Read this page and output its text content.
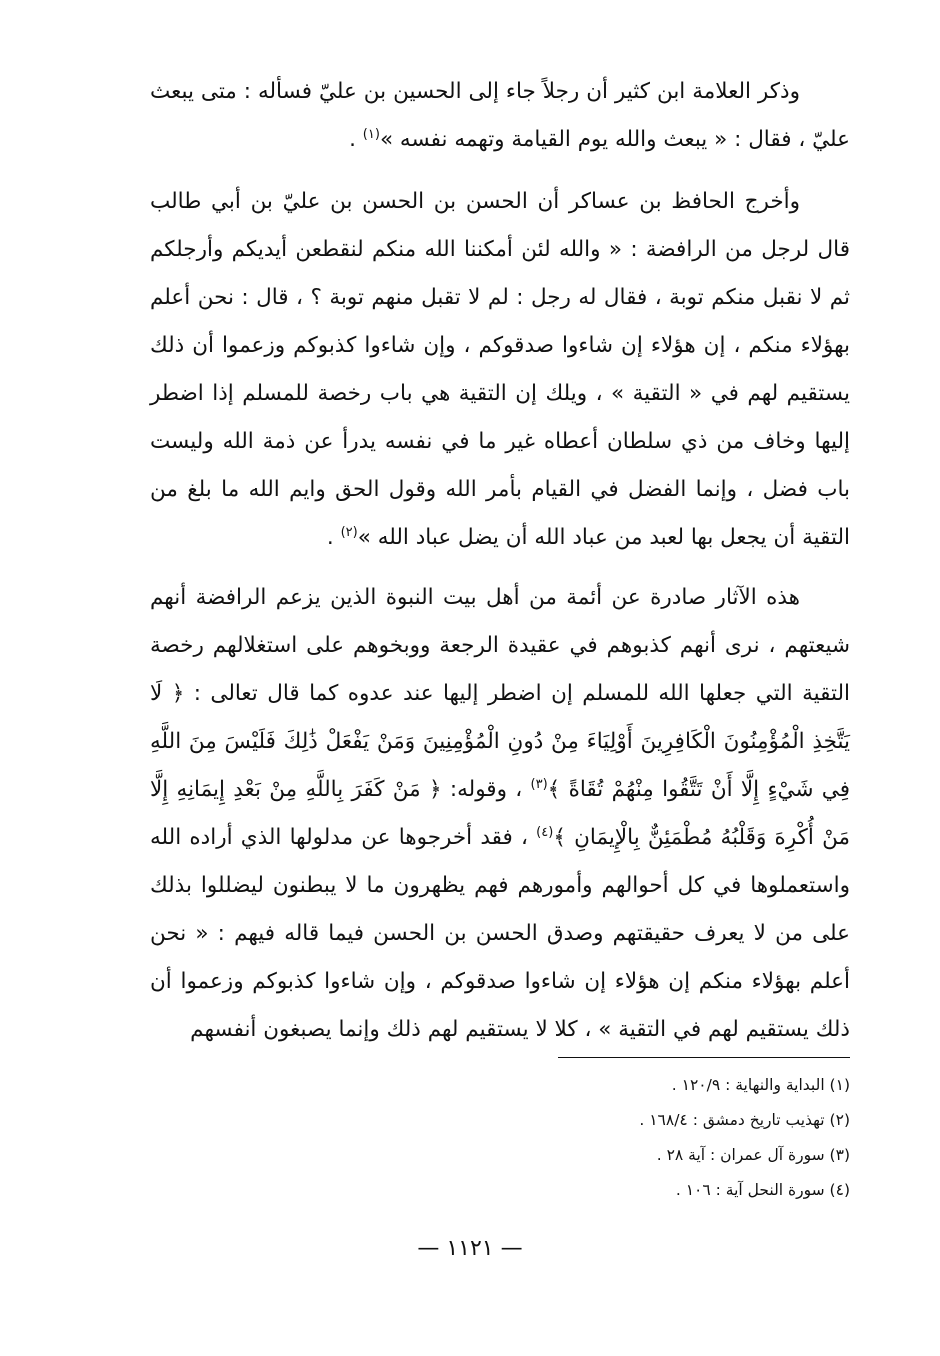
وذكر العلامة ابن كثير أن رجلاً جاء إلى الحسين بن عليّ فسأله : متى يبعث عليّ ، فقال : « يبعث والله يوم القيامة وتهمه نفسه »$^{(١)}$ .

وأخرج الحافظ بن عساكر أن الحسن بن الحسن بن عليّ بن أبي طالب قال لرجل من الرافضة : « والله لئن أمكننا الله منكم لنقطعن أيديكم وأرجلكم ثم لا نقبل منكم توبة ، فقال له رجل : لم لا تقبل منهم توبة ؟ ، قال : نحن أعلم بهؤلاء منكم ، إن هؤلاء إن شاءوا صدقوكم ، وإن شاءوا كذبوكم وزعموا أن ذلك يستقيم لهم في « التقية » ، ويلك إن التقية هي باب رخصة للمسلم إذا اضطر إليها وخاف من ذي سلطان أعطاه غير ما في نفسه يدرأ عن ذمة الله وليست باب فضل ، وإنما الفضل في القيام بأمر الله وقول الحق وايم الله ما بلغ من التقية أن يجعل بها لعبد من عباد الله أن يضل عباد الله »$^{(٢)}$ .

هذه الآثار صادرة عن أئمة من أهل بيت النبوة الذين يزعم الرافضة أنهم شيعتهم ، نرى أنهم كذبوهم في عقيدة الرجعة ووبخوهم على استغلالهم رخصة التقية التي جعلها الله للمسلم إن اضطر إليها عند عدوه كما قال تعالى : ﴿ لَا يَتَّخِذِ الْمُؤْمِنُونَ الْكَافِرِينَ أَوْلِيَاءَ مِنْ دُونِ الْمُؤْمِنِينَ وَمَنْ يَفْعَلْ ذَٰلِكَ فَلَيْسَ مِنَ اللَّهِ فِي شَيْءٍ إِلَّا أَنْ تَتَّقُوا مِنْهُمْ تُقَاةً ﴾$^{(٣)}$ ، وقوله: ﴿ مَنْ كَفَرَ بِاللَّهِ مِنْ بَعْدِ إِيمَانِهِ إِلَّا مَنْ أُكْرِهَ وَقَلْبُهُ مُطْمَئِنٌّ بِالْإِيمَانِ ﴾$^{(٤)}$ ، فقد أخرجوها عن مدلولها الذي أراده الله واستعملوها في كل أحوالهم وأمورهم فهم يظهرون ما لا يبطنون ليضللوا بذلك على من لا يعرف حقيقتهم وصدق الحسن بن الحسن فيما قاله فيهم : « نحن أعلم بهؤلاء منكم إن هؤلاء إن شاءوا صدقوكم ، وإن شاءوا كذبوكم وزعموا أن ذلك يستقيم لهم في التقية » ، كلا لا يستقيم لهم ذلك وإنما يصبغون أنفسهم

(١) البداية والنهاية : ١٢٠/٩ .
(٢) تهذيب تاريخ دمشق : ١٦٨/٤ .
(٣) سورة آل عمران : آية ٢٨ .
(٤) سورة النحل آية : ١٠٦ .
— ١١٢١ —
